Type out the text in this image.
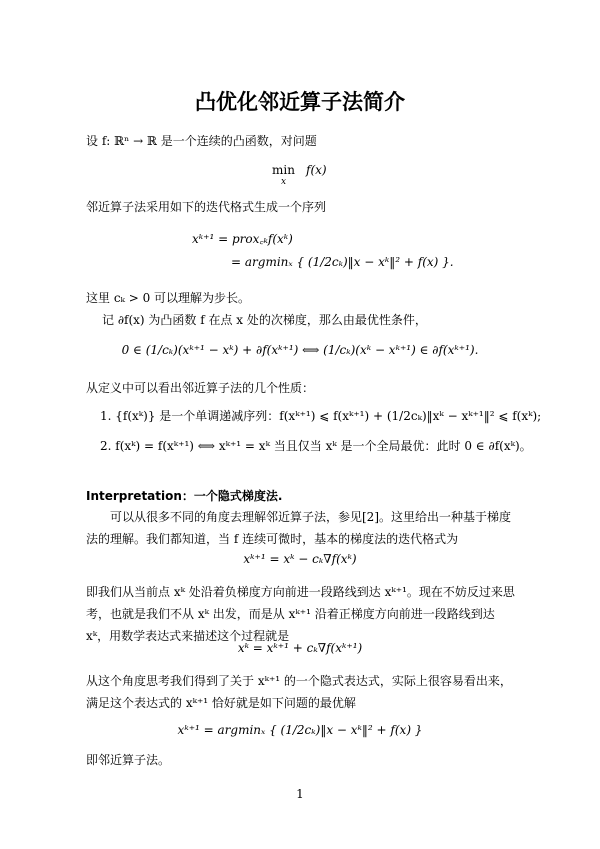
凸优化邻近算子法简介
设 f: ℝⁿ → ℝ 是一个连续的凸函数，对问题
min
x
f(x)
邻近算子法采用如下的迭代格式生成一个序列
xᵏ⁺¹ = prox꜀ₖf(xᵏ)
= argminₓ { (1/2cₖ)‖x − xᵏ‖² + f(x) }.
这里 cₖ > 0 可以理解为步长。
记 ∂f(x) 为凸函数 f 在点 x 处的次梯度，那么由最优性条件，
0 ∈ (1/cₖ)(xᵏ⁺¹ − xᵏ) + ∂f(xᵏ⁺¹) ⟺ (1/cₖ)(xᵏ − xᵏ⁺¹) ∈ ∂f(xᵏ⁺¹).
从定义中可以看出邻近算子法的几个性质：
1. {f(xᵏ)} 是一个单调递减序列：f(xᵏ⁺¹) ⩽ f(xᵏ⁺¹) + (1/2cₖ)‖xᵏ − xᵏ⁺¹‖² ⩽ f(xᵏ);
2. f(xᵏ) = f(xᵏ⁺¹) ⟺ xᵏ⁺¹ = xᵏ 当且仅当 xᵏ 是一个全局最优：此时 0 ∈ ∂f(xᵏ)。
Interpretation：一个隐式梯度法.
可以从很多不同的角度去理解邻近算子法，参见[2]。这里给出一种基于梯度法的理解。我们都知道，当 f 连续可微时，基本的梯度法的迭代格式为
xᵏ⁺¹ = xᵏ − cₖ∇f(xᵏ)
即我们从当前点 xᵏ 处沿着负梯度方向前进一段路线到达 xᵏ⁺¹。现在不妨反过来思考，也就是我们不从 xᵏ 出发，而是从 xᵏ⁺¹ 沿着正梯度方向前进一段路线到达 xᵏ，用数学表达式来描述这个过程就是
xᵏ = xᵏ⁺¹ + cₖ∇f(xᵏ⁺¹)
从这个角度思考我们得到了关于 xᵏ⁺¹ 的一个隐式表达式，实际上很容易看出来，满足这个表达式的 xᵏ⁺¹ 恰好就是如下问题的最优解
xᵏ⁺¹ = argminₓ { (1/2cₖ)‖x − xᵏ‖² + f(x) }
即邻近算子法。
1
